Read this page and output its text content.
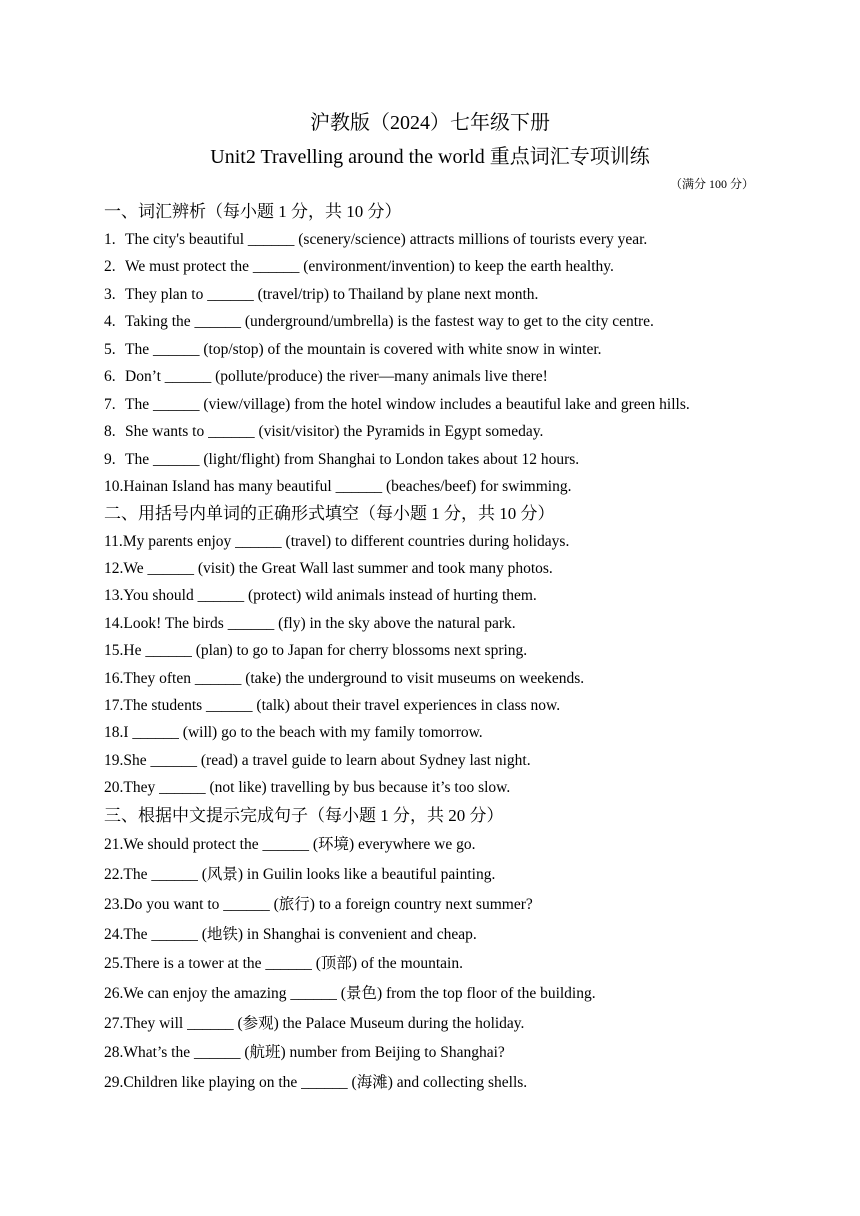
沪教版（2024）七年级下册
Unit2 Travelling around the world 重点词汇专项训练
（满分 100 分）
一、词汇辨析（每小题 1 分，共 10 分）
1. The city's beautiful ______ (scenery/science) attracts millions of tourists every year.
2. We must protect the ______ (environment/invention) to keep the earth healthy.
3. They plan to ______ (travel/trip) to Thailand by plane next month.
4. Taking the ______ (underground/umbrella) is the fastest way to get to the city centre.
5. The ______ (top/stop) of the mountain is covered with white snow in winter.
6. Don’t ______ (pollute/produce) the river—many animals live there!
7. The ______ (view/village) from the hotel window includes a beautiful lake and green hills.
8. She wants to ______ (visit/visitor) the Pyramids in Egypt someday.
9. The ______ (light/flight) from Shanghai to London takes about 12 hours.
10.Hainan Island has many beautiful ______ (beaches/beef) for swimming.
二、用括号内单词的正确形式填空（每小题 1 分，共 10 分）
11.My parents enjoy ______ (travel) to different countries during holidays.
12.We ______ (visit) the Great Wall last summer and took many photos.
13.You should ______ (protect) wild animals instead of hurting them.
14.Look! The birds ______ (fly) in the sky above the natural park.
15.He ______ (plan) to go to Japan for cherry blossoms next spring.
16.They often ______ (take) the underground to visit museums on weekends.
17.The students ______ (talk) about their travel experiences in class now.
18.I ______ (will) go to the beach with my family tomorrow.
19.She ______ (read) a travel guide to learn about Sydney last night.
20.They ______ (not like) travelling by bus because it’s too slow.
三、根据中文提示完成句子（每小题 1 分，共 20 分）
21.We should protect the ______ (环境) everywhere we go.
22.The ______ (风景) in Guilin looks like a beautiful painting.
23.Do you want to ______ (旅行) to a foreign country next summer?
24.The ______ (地铁) in Shanghai is convenient and cheap.
25.There is a tower at the ______ (顶部) of the mountain.
26.We can enjoy the amazing ______ (景色) from the top floor of the building.
27.They will ______ (参观) the Palace Museum during the holiday.
28.What’s the ______ (航班) number from Beijing to Shanghai?
29.Children like playing on the ______ (海滩) and collecting shells.
